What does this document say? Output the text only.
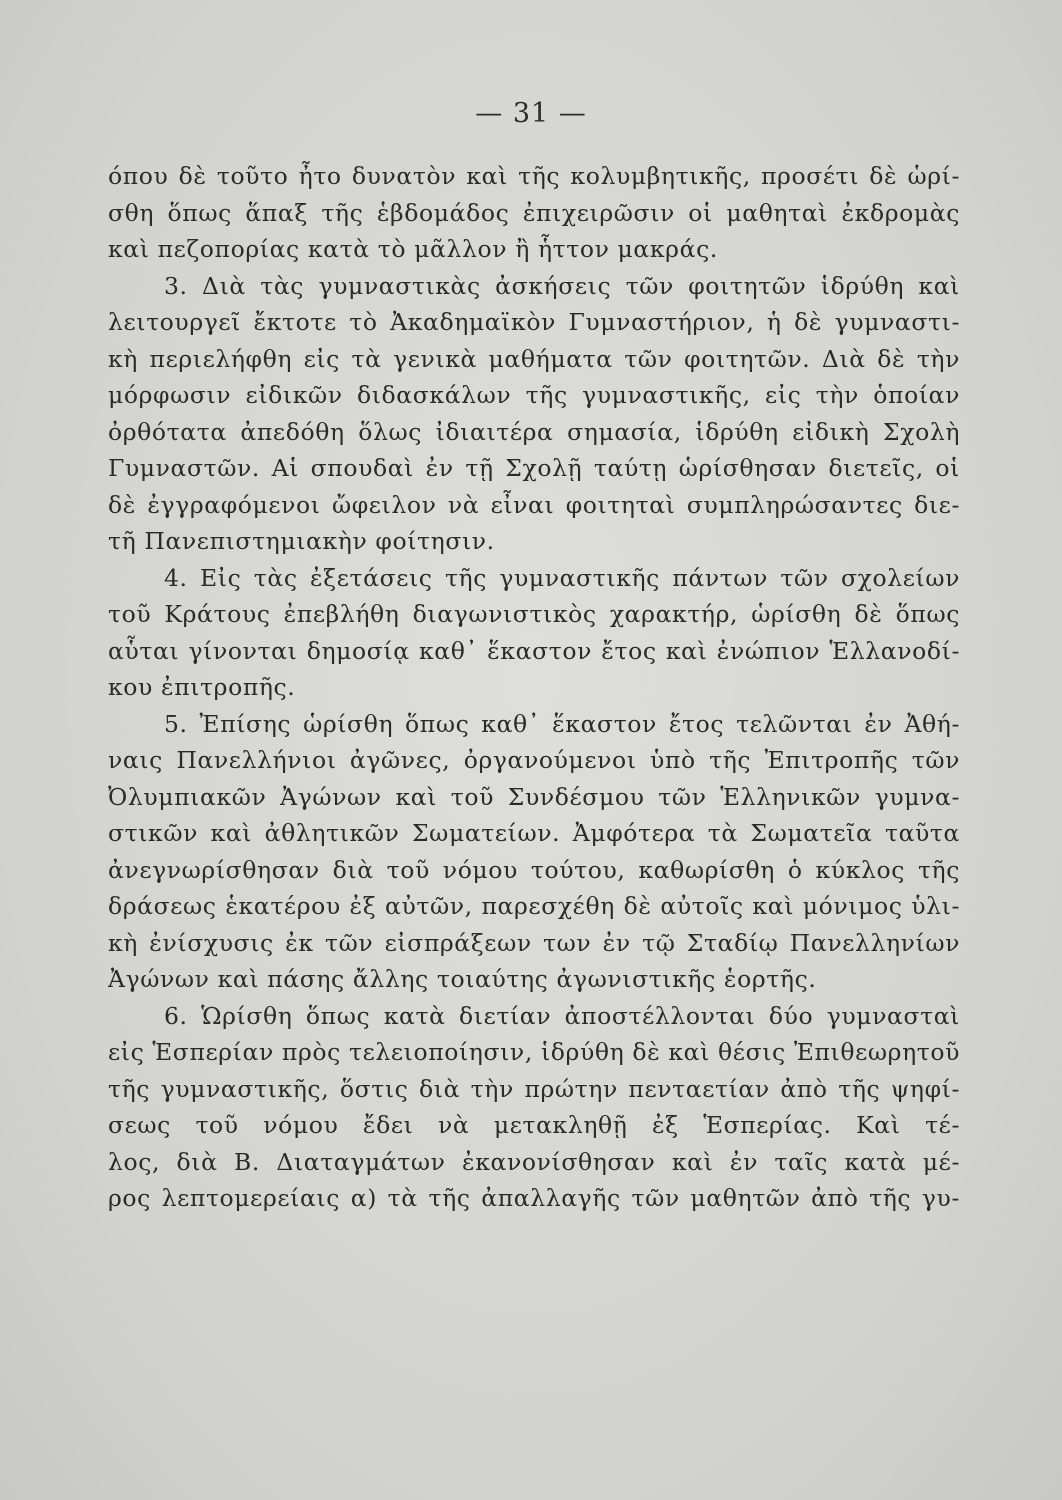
— 31 —
όπου δὲ τοῦτο ἦτο δυνατὸν καὶ τῆς κολυμβητικῆς, προσέτι δὲ ὡρί-
σθη ὅπως ἅπαξ τῆς ἑβδομάδος ἐπιχειρῶσιν οἱ μαθηταὶ ἐκδρομὰς
καὶ πεζοπορίας κατὰ τὸ μᾶλλον ἢ ἧττον μακράς.
3. Διὰ τὰς γυμναστικὰς ἀσκήσεις τῶν φοιτητῶν ἱδρύθη καὶ
λειτουργεῖ ἔκτοτε τὸ Ἀκαδημαϊκὸν Γυμναστήριον, ἡ δὲ γυμναστι-
κὴ περιελήφθη εἰς τὰ γενικὰ μαθήματα τῶν φοιτητῶν. Διὰ δὲ τὴν
μόρφωσιν εἰδικῶν διδασκάλων τῆς γυμναστικῆς, εἰς τὴν ὁποίαν
ὀρθότατα ἀπεδόθη ὅλως ἰδιαιτέρα σημασία, ἱδρύθη εἰδικὴ Σχολὴ
Γυμναστῶν. Αἱ σπουδαὶ ἐν τῇ Σχολῇ ταύτῃ ὡρίσθησαν διετεῖς, οἱ
δὲ ἐγγραφόμενοι ὤφειλον νὰ εἶναι φοιτηταὶ συμπληρώσαντες διε-
τῆ Πανεπιστημιακὴν φοίτησιν.
4. Εἰς τὰς ἐξετάσεις τῆς γυμναστικῆς πάντων τῶν σχολείων
τοῦ Κράτους ἐπεβλήθη διαγωνιστικὸς χαρακτήρ, ὡρίσθη δὲ ὅπως
αὗται γίνονται δημοσίᾳ καθ᾽ ἕκαστον ἔτος καὶ ἐνώπιον Ἑλλανοδί-
κου ἐπιτροπῆς.
5. Ἐπίσης ὡρίσθη ὅπως καθ᾽ ἕκαστον ἔτος τελῶνται ἐν Ἀθή-
ναις Πανελλήνιοι ἀγῶνες, ὀργανούμενοι ὑπὸ τῆς Ἐπιτροπῆς τῶν
Ὀλυμπιακῶν Ἀγώνων καὶ τοῦ Συνδέσμου τῶν Ἑλληνικῶν γυμνα-
στικῶν καὶ ἀθλητικῶν Σωματείων. Ἀμφότερα τὰ Σωματεῖα ταῦτα
ἀνεγνωρίσθησαν διὰ τοῦ νόμου τούτου, καθωρίσθη ὁ κύκλος τῆς
δράσεως ἑκατέρου ἐξ αὐτῶν, παρεσχέθη δὲ αὐτοῖς καὶ μόνιμος ὑλι-
κὴ ἐνίσχυσις ἐκ τῶν εἰσπράξεων των ἐν τῷ Σταδίῳ Πανελληνίων
Ἀγώνων καὶ πάσης ἄλλης τοιαύτης ἀγωνιστικῆς ἑορτῆς.
6. Ὡρίσθη ὅπως κατὰ διετίαν ἀποστέλλονται δύο γυμνασταὶ
εἰς Ἑσπερίαν πρὸς τελειοποίησιν, ἱδρύθη δὲ καὶ θέσις Ἐπιθεωρητοῦ
τῆς γυμναστικῆς, ὅστις διὰ τὴν πρώτην πενταετίαν ἀπὸ τῆς ψηφί-
σεως τοῦ νόμου ἔδει νὰ μετακληθῇ ἐξ Ἑσπερίας. Καὶ τέ-
λος, διὰ Β. Διαταγμάτων ἐκανονίσθησαν καὶ ἐν ταῖς κατὰ μέ-
ρος λεπτομερείαις α) τὰ τῆς ἀπαλλαγῆς τῶν μαθητῶν ἀπὸ τῆς γυ-
